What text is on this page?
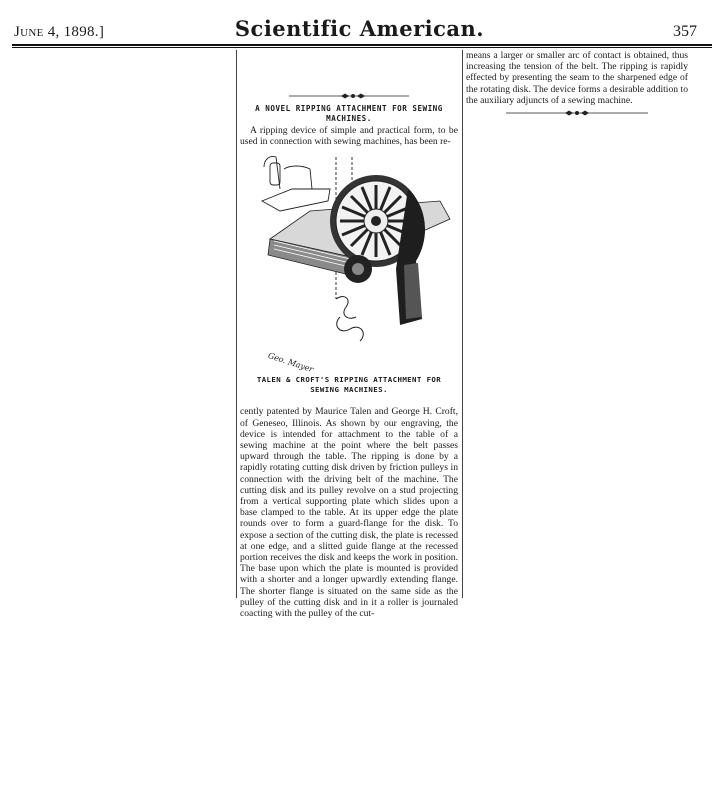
June 4, 1898.]	Scientific American.	357
A NOVEL RIPPING ATTACHMENT FOR SEWING
MACHINES.

A ripping device of simple and practical form, to be used in connection with sewing machines, has been re-

Geo. Mayer
TALEN & CROFT'S RIPPING ATTACHMENT FOR
SEWING MACHINES.

cently patented by Maurice Talen and George H. Croft, of Geneseo, Illinois. As shown by our engraving, the device is intended for attachment to the table of a sewing machine at the point where the belt passes upward through the table. The ripping is done by a rapidly rotating cutting disk driven by friction pulleys in connection with the driving belt of the machine. The cutting disk and its pulley revolve on a stud projecting from a vertical supporting plate which slides upon a base clamped to the table. At its upper edge the plate rounds over to form a guard-flange for the disk. To expose a section of the cutting disk, the plate is recessed at one edge, and a slitted guide flange at the recessed portion receives the disk and keeps the work in position. The base upon which the plate is mounted is provided with a shorter and a longer upwardly extending flange. The shorter flange is situated on the same side as the pulley of the cutting disk and in it a roller is journaled coacting with the pulley of the cut-

means a larger or smaller arc of contact is obtained, thus increasing the tension of the belt. The ripping is rapidly effected by presenting the seam to the sharpened edge of the rotating disk. The device forms a desirable addition to the auxiliary adjuncts of a sewing machine.
